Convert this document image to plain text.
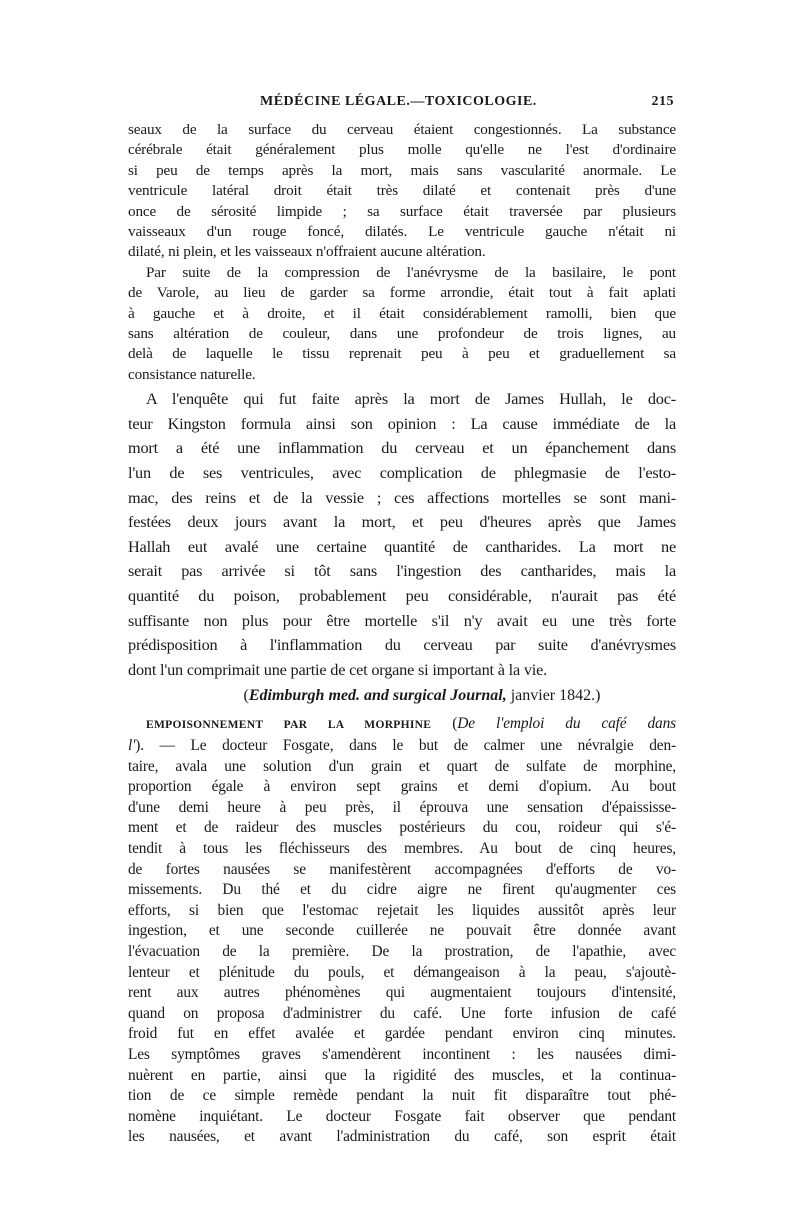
MÉDÉCINE LÉGALE.—TOXICOLOGIE.	215
seaux de la surface du cerveau étaient congestionnés. La substance
cérébrale était généralement plus molle qu'elle ne l'est d'ordinaire
si peu de temps après la mort, mais sans vascularité anormale. Le
ventricule latéral droit était très dilaté et contenait près d'une
once de sérosité limpide ; sa surface était traversée par plusieurs
vaisseaux d'un rouge foncé, dilatés. Le ventricule gauche n'était ni
dilaté, ni plein, et les vaisseaux n'offraient aucune altération.
Par suite de la compression de l'anévrysme de la basilaire, le pont
de Varole, au lieu de garder sa forme arrondie, était tout à fait aplati
à gauche et à droite, et il était considérablement ramolli, bien que
sans altération de couleur, dans une profondeur de trois lignes, au
delà de laquelle le tissu reprenait peu à peu et graduellement sa
consistance naturelle.
A l'enquête qui fut faite après la mort de James Hullah, le doc-
teur Kingston formula ainsi son opinion : La cause immédiate de la
mort a été une inflammation du cerveau et un épanchement dans
l'un de ses ventricules, avec complication de phlegmasie de l'esto-
mac, des reins et de la vessie ; ces affections mortelles se sont mani-
festées deux jours avant la mort, et peu d'heures après que James
Hallah eut avalé une certaine quantité de cantharides. La mort ne
serait pas arrivée si tôt sans l'ingestion des cantharides, mais la
quantité du poison, probablement peu considérable, n'aurait pas été
suffisante non plus pour être mortelle s'il n'y avait eu une très forte
prédisposition à l'inflammation du cerveau par suite d'anévrysmes
dont l'un comprimait une partie de cet organe si important à la vie.
(Edimburgh med. and surgical Journal, janvier 1842.)
EMPOISONNEMENT PAR LA MORPHINE (De l'emploi du café dans
l'). — Le docteur Fosgate, dans le but de calmer une névralgie den-
taire, avala une solution d'un grain et quart de sulfate de morphine,
proportion égale à environ sept grains et demi d'opium. Au bout
d'une demi heure à peu près, il éprouva une sensation d'épaississe-
ment et de raideur des muscles postérieurs du cou, roideur qui s'é-
tendit à tous les fléchisseurs des membres. Au bout de cinq heures,
de fortes nausées se manifestèrent accompagnées d'efforts de vo-
missements. Du thé et du cidre aigre ne firent qu'augmenter ces
efforts, si bien que l'estomac rejetait les liquides aussitôt après leur
ingestion, et une seconde cuillerée ne pouvait être donnée avant
l'évacuation de la première. De la prostration, de l'apathie, avec
lenteur et plénitude du pouls, et démangeaison à la peau, s'ajoutè-
rent aux autres phénomènes qui augmentaient toujours d'intensité,
quand on proposa d'administrer du café. Une forte infusion de café
froid fut en effet avalée et gardée pendant environ cinq minutes.
Les symptômes graves s'amendèrent incontinent : les nausées dimi-
nuèrent en partie, ainsi que la rigidité des muscles, et la continua-
tion de ce simple remède pendant la nuit fit disparaître tout phé-
nomène inquiétant. Le docteur Fosgate fait observer que pendant
les nausées, et avant l'administration du café, son esprit était
